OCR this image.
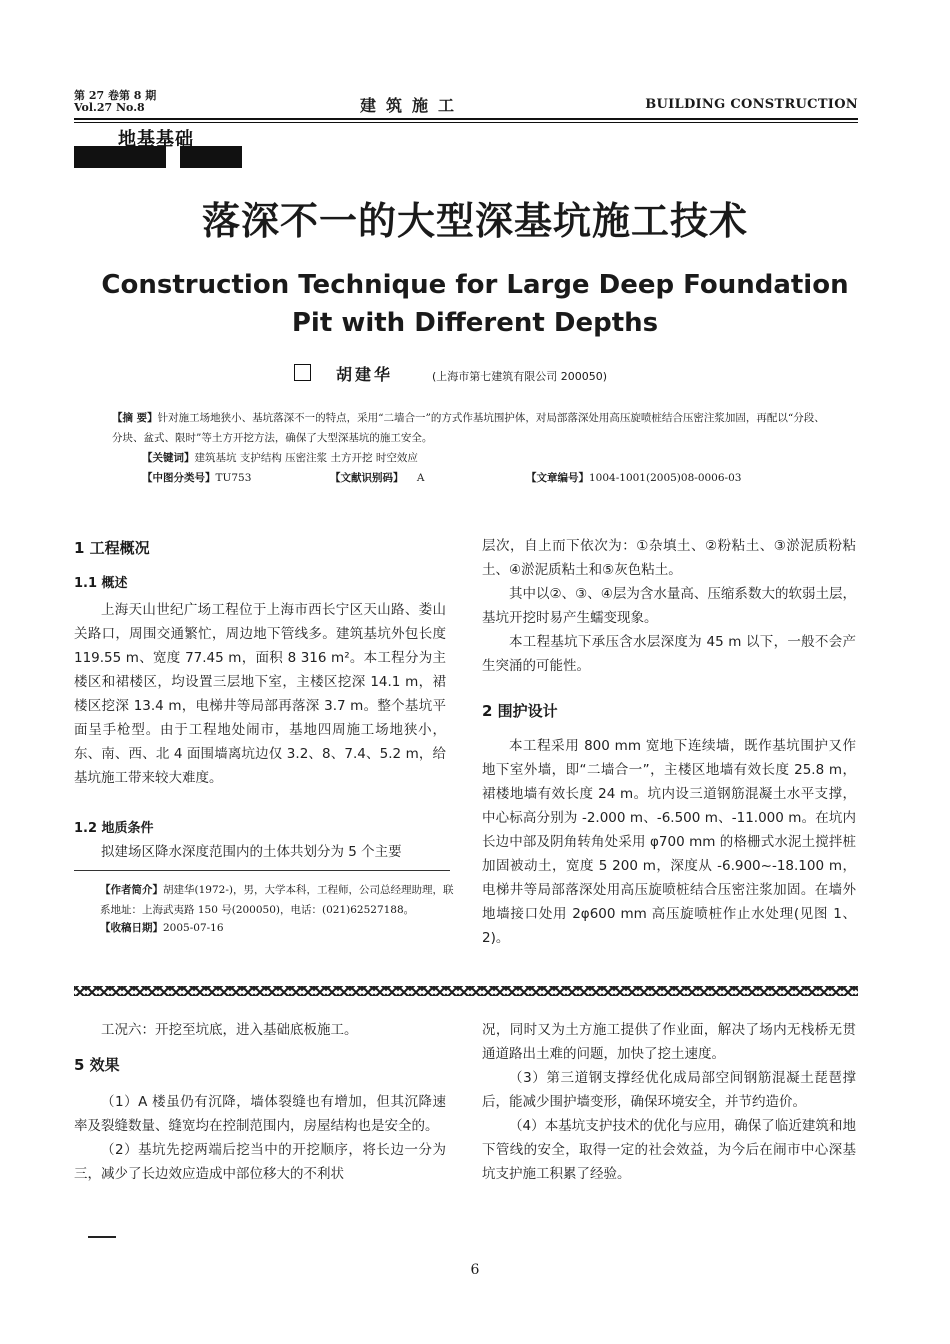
第 27 卷第 8 期
Vol.27 No.8	建筑施工	BUILDING CONSTRUCTION
地基基础
落深不一的大型深基坑施工技术
Construction Technique for Large Deep Foundation
Pit with Different Depths
胡建华	(上海市第七建筑有限公司 200050)
【摘 要】针对施工场地狭小、基坑落深不一的特点，采用“二墙合一”的方式作基坑围护体，对局部落深处用高压旋喷桩结合压密注浆加固，再配以“分段、分块、盆式、限时”等土方开挖方法，确保了大型深基坑的施工安全。
【关键词】建筑基坑 支护结构 压密注浆 土方开挖 时空效应
【中图分类号】TU753	【文献识别码】 A	【文章编号】1004-1001(2005)08-0006-03
1 工程概况
1.1 概述

上海天山世纪广场工程位于上海市西长宁区天山路、娄山关路口，周围交通繁忙，周边地下管线多。建筑基坑外包长度 119.55 m、宽度 77.45 m，面积 8 316 m²。本工程分为主楼区和裙楼区，均设置三层地下室，主楼区挖深 14.1 m，裙楼区挖深 13.4 m，电梯井等局部再落深 3.7 m。整个基坑平面呈手枪型。由于工程地处闹市，基地四周施工场地狭小，东、南、西、北 4 面围墙离坑边仅 3.2、8、7.4、5.2 m，给基坑施工带来较大难度。

1.2 地质条件

拟建场区降水深度范围内的土体共划分为 5 个主要

【作者简介】胡建华(1972-)，男，大学本科，工程师，公司总经理助理，联系地址：上海武夷路 150 号(200050)，电话：(021)62527188。
【收稿日期】2005-07-16

层次，自上而下依次为：①杂填土、②粉粘土、③淤泥质粉粘土、④淤泥质粘土和⑤灰色粘土。

其中以②、③、④层为含水量高、压缩系数大的软弱土层，基坑开挖时易产生蠕变现象。

本工程基坑下承压含水层深度为 45 m 以下，一般不会产生突涌的可能性。

2 围护设计

本工程采用 800 mm 宽地下连续墙，既作基坑围护又作地下室外墙，即“二墙合一”，主楼区地墙有效长度 25.8 m，裙楼地墙有效长度 24 m。坑内设三道钢筋混凝土水平支撑，中心标高分别为 -2.000 m、-6.500 m、-11.000 m。在坑内长边中部及阴角转角处采用 φ700 mm 的格栅式水泥土搅拌桩加固被动土，宽度 5 200 m，深度从 -6.900~-18.100 m，电梯井等局部落深处用高压旋喷桩结合压密注浆加固。在墙外地墙接口处用 2φ600 mm 高压旋喷桩作止水处理(见图 1、2)。

工况六：开挖至坑底，进入基础底板施工。

5 效果

（1）A 楼虽仍有沉降，墙体裂缝也有增加，但其沉降速率及裂缝数量、缝宽均在控制范围内，房屋结构也是安全的。

（2）基坑先挖两端后挖当中的开挖顺序，将长边一分为三，减少了长边效应造成中部位移大的不利状

况，同时又为土方施工提供了作业面，解决了场内无栈桥无贯通道路出土难的问题，加快了挖土速度。

（3）第三道钢支撑经优化成局部空间钢筋混凝土琵琶撑后，能减少围护墙变形，确保环境安全，并节约造价。

（4）本基坑支护技术的优化与应用，确保了临近建筑和地下管线的安全，取得一定的社会效益，为今后在闹市中心深基坑支护施工积累了经验。

6
